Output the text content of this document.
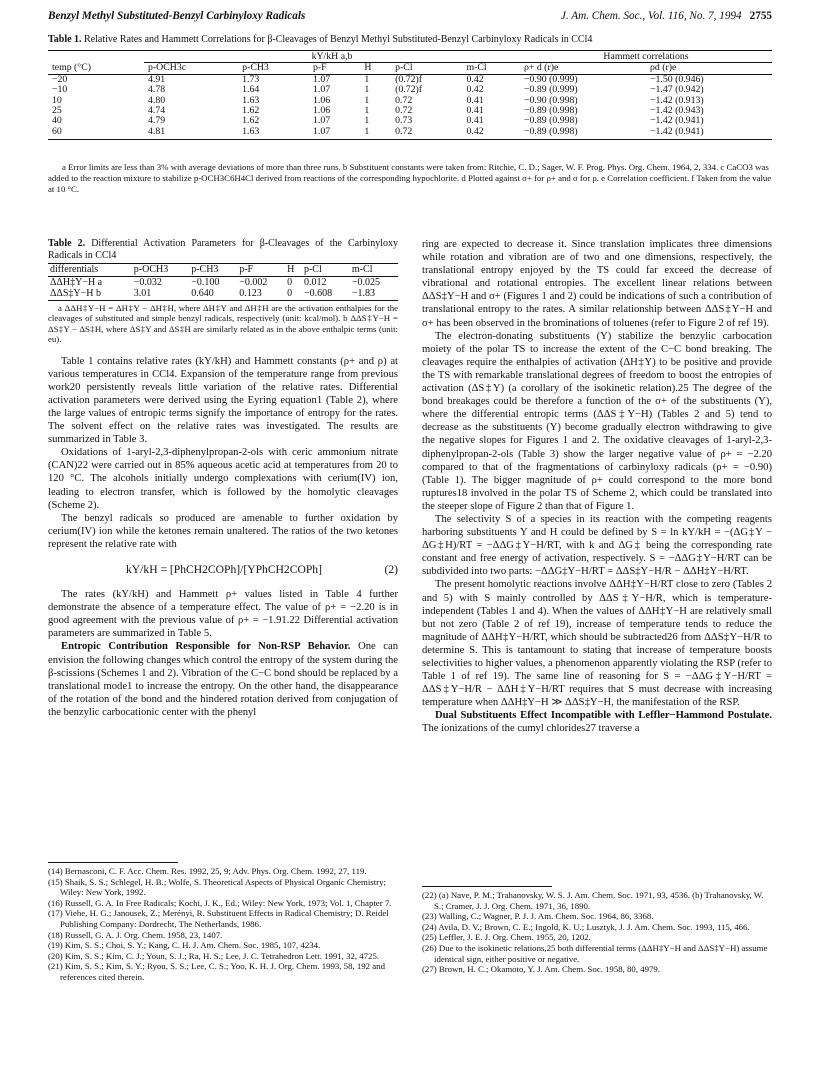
Benzyl Methyl Substituted-Benzyl Carbinyloxy Radicals	J. Am. Chem. Soc., Vol. 116, No. 7, 1994 2755
Table 1. Relative Rates and Hammett Correlations for β-Cleavages of Benzyl Methyl Substituted-Benzyl Carbinyloxy Radicals in CCl4

	kY/kH a,b						Hammett correlations	
temp (°C)	p-OCH3c	p-CH3	p-F	H	p-Cl	m-Cl	ρ+ d (r)e	ρd (r)e
−20	4.91	1.73	1.07	1	(0.72)f	0.42	−0.90 (0.999)	−1.50 (0.946)
−10	4.78	1.64	1.07	1	(0.72)f	0.42	−0.89 (0.999)	−1.47 (0.942)
10	4.80	1.63	1.06	1	0.72	0.41	−0.90 (0.998)	−1.42 (0.913)
25	4.74	1.62	1.06	1	0.72	0.41	−0.89 (0.998)	−1.42 (0.943)
40	4.79	1.62	1.07	1	0.73	0.41	−0.89 (0.998)	−1.42 (0.941)
60	4.81	1.63	1.07	1	0.72	0.42	−0.89 (0.998)	−1.42 (0.941)
a Error limits are less than 3% with average deviations of more than three runs. b Substituent constants were taken from: Ritchie, C. D.; Sager, W. F. Prog. Phys. Org. Chem. 1964, 2, 334. c CaCO3 was added to the reaction mixture to stabilize p-OCH3C6H4Cl derived from reactions of the corresponding hypochlorite. d Plotted against σ+ for ρ+ and σ for ρ. e Correlation coefficient. f Taken from the value at 10 °C.
Table 2. Differential Activation Parameters for β-Cleavages of the Carbinyloxy Radicals in CCl4
differentials	p-OCH3	p-CH3	p-F	H	p-Cl	m-Cl
ΔΔH‡Y−H a	−0.032	−0.100	−0.002	0	0.012	−0.025
ΔΔS‡Y−H b	3.01	0.640	0.123	0	−0.608	−1.83
a ΔΔH‡Y−H = ΔH‡Y − ΔH‡H, where ΔH‡Y and ΔH‡H are the activation enthalpies for the cleavages of substituted and simple benzyl radicals, respectively (unit: kcal/mol). b ΔΔS‡Y−H = ΔS‡Y − ΔS‡H, where ΔS‡Y and ΔS‡H are similarly related as in the above enthalpic terms (unit: eu).

Table 1 contains relative rates (kY/kH) and Hammett constants (ρ+ and ρ) at various temperatures in CCl4. Expansion of the temperature range from previous work20 persistently reveals little variation of the relative rates. Differential activation parameters were derived using the Eyring equation1 (Table 2), where the large values of entropic terms signify the importance of entropy for the rates. The solvent effect on the relative rates was investigated. The results are summarized in Table 3.

Oxidations of 1-aryl-2,3-diphenylpropan-2-ols with ceric ammonium nitrate (CAN)22 were carried out in 85% aqueous acetic acid at temperatures from 20 to 120 °C. The alcohols initially undergo complexations with cerium(IV) ion, leading to electron transfer, which is followed by the homolytic cleavages (Scheme 2).

The benzyl radicals so produced are amenable to further oxidation by cerium(IV) ion while the ketones remain unaltered. The ratios of the two ketones represent the relative rate with

kY/kH = [PhCH2COPh]/[YPhCH2COPh]	(2)

The rates (kY/kH) and Hammett ρ+ values listed in Table 4 further demonstrate the absence of a temperature effect. The value of ρ+ = −2.20 is in good agreement with the previous value of ρ+ = −1.91.22 Differential activation parameters are summarized in Table 5.

Entropic Contribution Responsible for Non-RSP Behavior. One can envision the following changes which control the entropy of the system during the β-scissions (Schemes 1 and 2). Vibration of the C−C bond should be replaced by a translational mode1 to increase the entropy. On the other hand, the disappearance of the rotation of the bond and the hindered rotation derived from conjugation of the benzylic carbocationic center with the phenyl

(14) Bernasconi, C. F. Acc. Chem. Res. 1992, 25, 9; Adv. Phys. Org. Chem. 1992, 27, 119.
(15) Shaik, S. S.; Schlegel, H. B.; Wolfe, S. Theoretical Aspects of Physical Organic Chemistry; Wiley: New York, 1992.
(16) Russell, G. A. In Free Radicals; Kochi, J. K., Ed.; Wiley: New York, 1973; Vol. 1, Chapter 7.
(17) Viehe, H. G.; Janousek, Z.; Merényi, R. Substituent Effects in Radical Chemistry; D. Reidel Publishing Company: Dordrecht, The Netherlands, 1986.
(18) Russell, G. A. J. Org. Chem. 1958, 23, 1407.
(19) Kim, S. S.; Choi, S. Y.; Kang, C. H. J. Am. Chem. Soc. 1985, 107, 4234.
(20) Kim, S. S.; Kim, C. J.; Youn, S. J.; Ra, H. S.; Lee, J. C. Tetrahedron Lett. 1991, 32, 4725.
(21) Kim, S. S.; Kim, S. Y.; Ryou, S. S.; Lee, C. S.; Yoo, K. H. J. Org. Chem. 1993, 58, 192 and references cited therein.

ring are expected to decrease it. Since translation implicates three dimensions while rotation and vibration are of two and one dimensions, respectively, the translational entropy enjoyed by the TS could far exceed the decrease of vibrational and rotational entropies. The excellent linear relations between ΔΔS‡Y−H and σ+ (Figures 1 and 2) could be indications of such a contribution of translational entropy to the rates. A similar relationship between ΔΔS‡Y−H and σ+ has been observed in the brominations of toluenes (refer to Figure 2 of ref 19).

The electron-donating substituents (Y) stabilize the benzylic carbocation moiety of the polar TS to increase the extent of the C−C bond breaking. The cleavages require the enthalpies of activation (ΔH‡Y) to be positive and provide the TS with remarkable translational degrees of freedom to boost the entropies of activation (ΔS‡Y) (a corollary of the isokinetic relation).25 The degree of the bond breakages could be therefore a function of the σ+ of the substituents (Y), where the differential entropic terms (ΔΔS‡Y−H) (Tables 2 and 5) tend to decrease as the substituents (Y) become gradually electron withdrawing to give the negative slopes for Figures 1 and 2. The oxidative cleavages of 1-aryl-2,3-diphenylpropan-2-ols (Table 3) show the larger negative value of ρ+ = −2.20 compared to that of the fragmentations of carbinyloxy radicals (ρ+ = −0.90) (Table 1). The bigger magnitude of ρ+ could correspond to the more bond ruptures18 involved in the polar TS of Scheme 2, which could be translated into the steeper slope of Figure 2 than that of Figure 1.

The selectivity S of a species in its reaction with the competing reagents harboring substituents Y and H could be defined by S = ln kY/kH = −(ΔG‡Y − ΔG‡H)/RT = −ΔΔG‡Y−H/RT, with k and ΔG‡ being the corresponding rate constant and free energy of activation, respectively. S = −ΔΔG‡Y−H/RT can be subdivided into two parts: −ΔΔG‡Y−H/RT = ΔΔS‡Y−H/R − ΔΔH‡Y−H/RT.

The present homolytic reactions involve ΔΔH‡Y−H/RT close to zero (Tables 2 and 5) with S mainly controlled by ΔΔS‡Y−H/R, which is temperature-independent (Tables 1 and 4). When the values of ΔΔH‡Y−H are relatively small but not zero (Table 2 of ref 19), increase of temperature tends to reduce the magnitude of ΔΔH‡Y−H/RT, which should be subtracted26 from ΔΔS‡Y−H/R to determine S. This is tantamount to stating that increase of temperature boosts selectivities to higher values, a phenomenon apparently violating the RSP (refer to Table 1 of ref 19). The same line of reasoning for S = −ΔΔG‡Y−H/RT = ΔΔS‡Y−H/R − ΔΔH‡Y−H/RT requires that S must decrease with increasing temperature when ΔΔH‡Y−H ≫ ΔΔS‡Y−H, the manifestation of the RSP.

Dual Substituents Effect Incompatible with Leffler−Hammond Postulate. The ionizations of the cumyl chlorides27 traverse a

(22) (a) Nave, P. M.; Trahanovsky, W. S. J. Am. Chem. Soc. 1971, 93, 4536. (b) Trahanovsky, W. S.; Cramer, J. J. Org. Chem. 1971, 36, 1890.
(23) Walling, C.; Wagner, P. J. J. Am. Chem. Soc. 1964, 86, 3368.
(24) Avila, D. V.; Brown, C. E.; Ingold, K. U.; Lusztyk, J. J. Am. Chem. Soc. 1993, 115, 466.
(25) Leffler, J. E. J. Org. Chem. 1955, 20, 1202.
(26) Due to the isokinetic relations,25 both differential terms (ΔΔH‡Y−H and ΔΔS‡Y−H) assume identical sign, either positive or negative.
(27) Brown, H. C.; Okamoto, Y. J. Am. Chem. Soc. 1958, 80, 4979.
